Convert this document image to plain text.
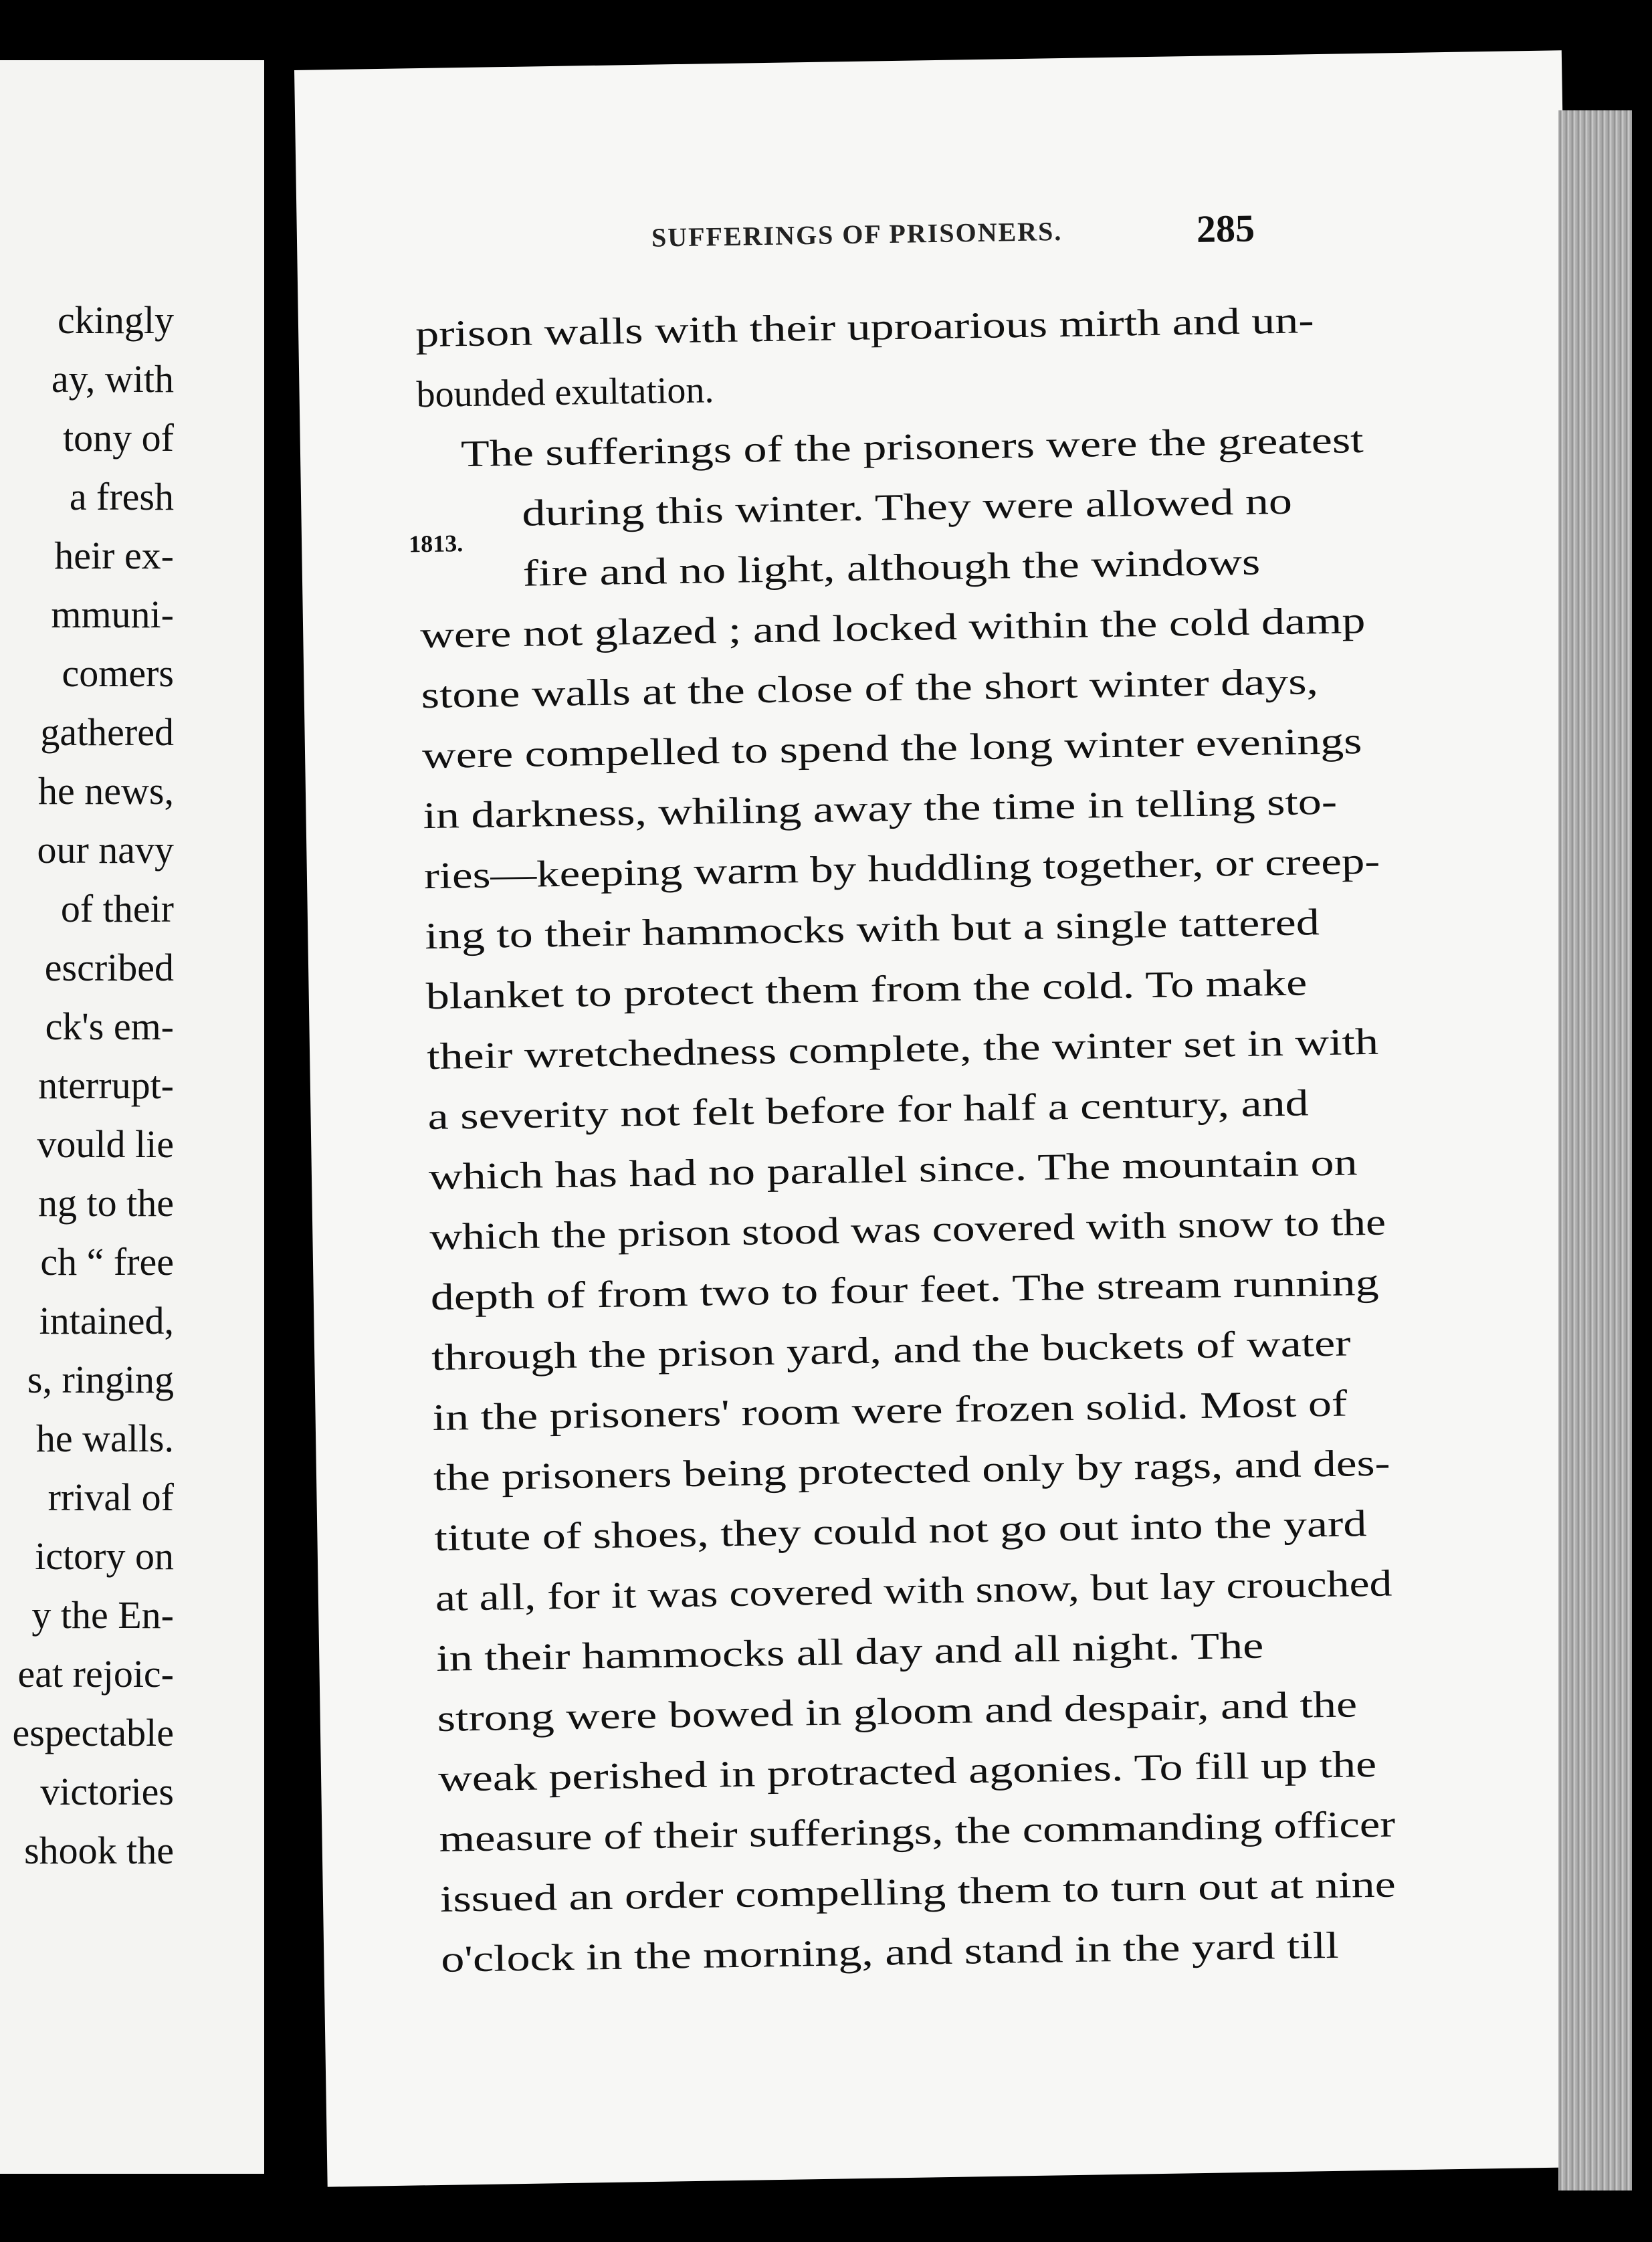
ckingly
ay, with
tony of
a fresh
heir ex-
mmuni-
comers
gathered
he news,
our navy
of their
escribed
ck's em-
nterrupt-
vould lie
ng to the
ch “ free
intained,
s, ringing
he walls.
rrival of
ictory on
y the En-
eat rejoic-
espectable
victories
shook the
SUFFERINGS OF PRISONERS.	285
1813.
prison walls with their uproarious mirth and un-
bounded exultation.
The sufferings of the prisoners were the greatest
during this winter. They were allowed no
fire and no light, although the windows
were not glazed ; and locked within the cold damp
stone walls at the close of the short winter days,
were compelled to spend the long winter evenings
in darkness, whiling away the time in telling sto-
ries—keeping warm by huddling together, or creep-
ing to their hammocks with but a single tattered
blanket to protect them from the cold. To make
their wretchedness complete, the winter set in with
a severity not felt before for half a century, and
which has had no parallel since. The mountain on
which the prison stood was covered with snow to the
depth of from two to four feet. The stream running
through the prison yard, and the buckets of water
in the prisoners' room were frozen solid. Most of
the prisoners being protected only by rags, and des-
titute of shoes, they could not go out into the yard
at all, for it was covered with snow, but lay crouched
in their hammocks all day and all night. The
strong were bowed in gloom and despair, and the
weak perished in protracted agonies. To fill up the
measure of their sufferings, the commanding officer
issued an order compelling them to turn out at nine
o'clock in the morning, and stand in the yard till
